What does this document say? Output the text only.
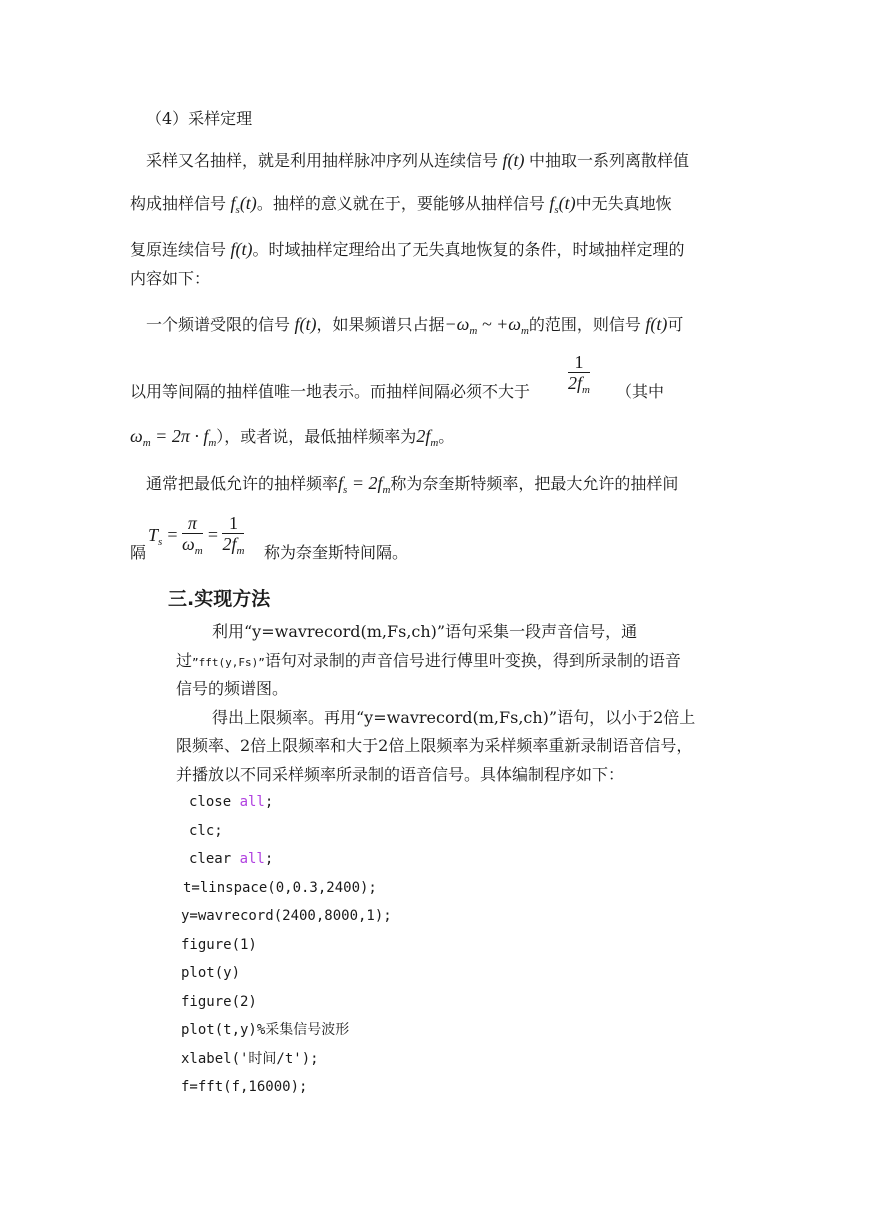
（4）采样定理
采样又名抽样，就是利用抽样脉冲序列从连续信号 f(t) 中抽取一系列离散样值
构成抽样信号 $f_s(t)$。抽样的意义就在于，要能够从抽样信号 $f_s(t)$中无失真地恢
复原连续信号 f(t)。时域抽样定理给出了无失真地恢复的条件，时域抽样定理的
内容如下：
一个频谱受限的信号 f(t)，如果频谱只占据$-\omega_m$ ~ $+\omega_m$的范围，则信号 f(t)可
以用等间隔的抽样值唯一地表示。而抽样间隔必须不大于 $\frac{1}{2f_m}$ （其中
$\omega_m = 2\pi \cdot f_m$），或者说，最低抽样频率为$2f_m$。
通常把最低允许的抽样频率$f_s = 2f_m$称为奈奎斯特频率，把最大允许的抽样间
隔
$T_s = \frac{\pi}{\omega_m} = \frac{1}{2f_m}$ 称为奈奎斯特间隔。
三.实现方法
利用“y=wavrecord(m,Fs,ch)”语句采集一段声音信号，通
过”fft(y,Fs)”语句对录制的声音信号进行傅里叶变换，得到所录制的语音
信号的频谱图。
得出上限频率。再用“y=wavrecord(m,Fs,ch)”语句，以小于2倍上
限频率、2倍上限频率和大于2倍上限频率为采样频率重新录制语音信号，
并播放以不同采样频率所录制的语音信号。具体编制程序如下：
close all;
clc;
clear all;
t=linspace(0,0.3,2400);
y=wavrecord(2400,8000,1);
figure(1)
plot(y)
figure(2)
plot(t,y)%采集信号波形
xlabel('时间/t');
f=fft(f,16000);
